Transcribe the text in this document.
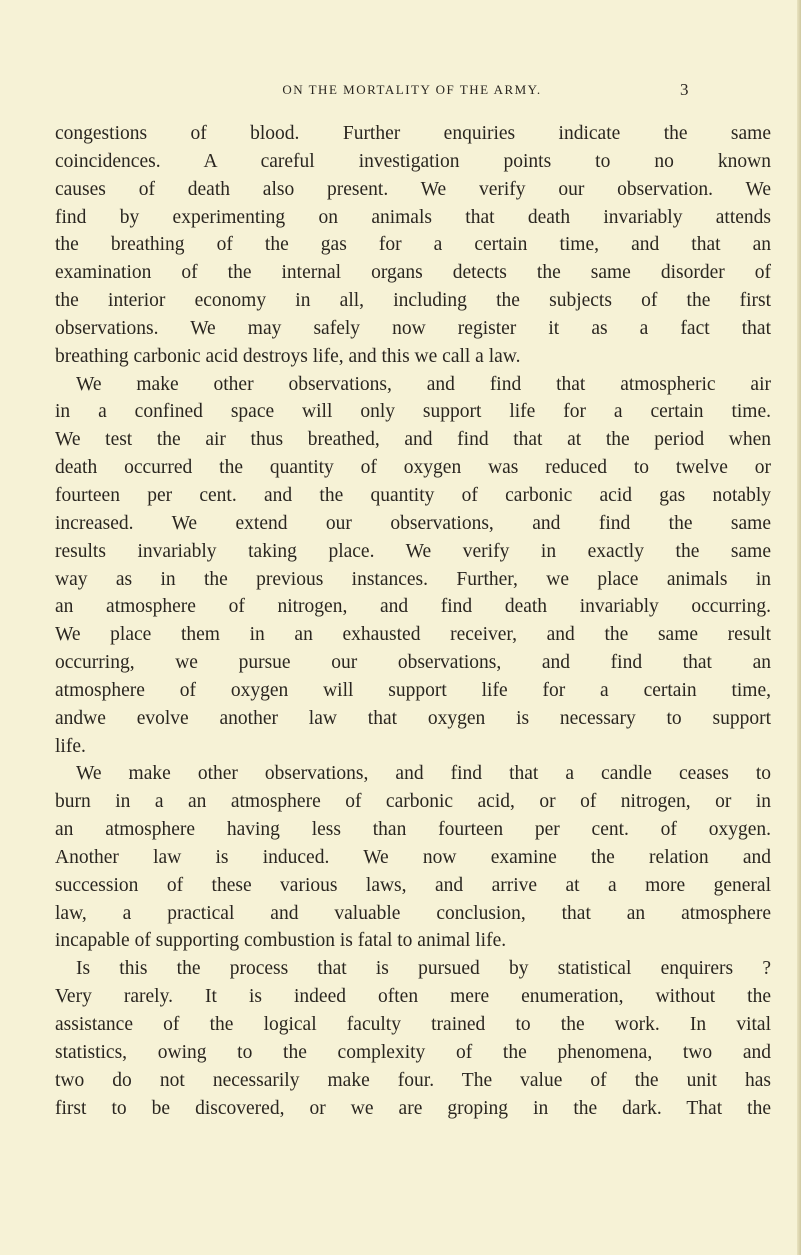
ON THE MORTALITY OF THE ARMY.	3
congestions of blood. Further enquiries indicate the same
coincidences. A careful investigation points to no known
causes of death also present. We verify our observation. We
find by experimenting on animals that death invariably attends
the breathing of the gas for a certain time, and that an
examination of the internal organs detects the same disorder of
the interior economy in all, including the subjects of the first
observations. We may safely now register it as a fact that
breathing carbonic acid destroys life, and this we call a law.
We make other observations, and find that atmospheric air
in a confined space will only support life for a certain time.
We test the air thus breathed, and find that at the period when
death occurred the quantity of oxygen was reduced to twelve or
fourteen per cent. and the quantity of carbonic acid gas notably
increased. We extend our observations, and find the same
results invariably taking place. We verify in exactly the same
way as in the previous instances. Further, we place animals in
an atmosphere of nitrogen, and find death invariably occurring.
We place them in an exhausted receiver, and the same result
occurring, we pursue our observations, and find that an
atmosphere of oxygen will support life for a certain time,
andwe evolve another law that oxygen is necessary to support
life.
We make other observations, and find that a candle ceases to
burn in a an atmosphere of carbonic acid, or of nitrogen, or in
an atmosphere having less than fourteen per cent. of oxygen.
Another law is induced. We now examine the relation and
succession of these various laws, and arrive at a more general
law, a practical and valuable conclusion, that an atmosphere
incapable of supporting combustion is fatal to animal life.
Is this the process that is pursued by statistical enquirers ?
Very rarely. It is indeed often mere enumeration, without the
assistance of the logical faculty trained to the work. In vital
statistics, owing to the complexity of the phenomena, two and
two do not necessarily make four. The value of the unit has
first to be discovered, or we are groping in the dark. That the
